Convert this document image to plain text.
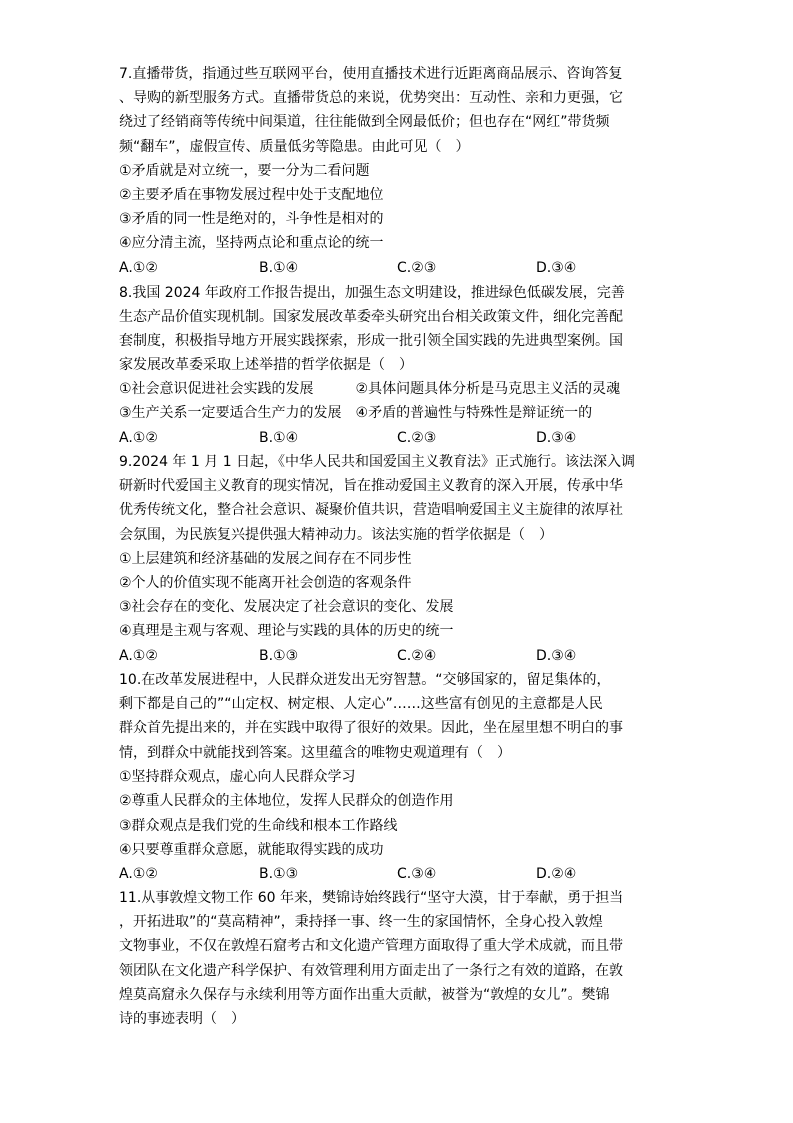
7.直播带货，指通过些互联网平台，使用直播技术进行近距离商品展示、咨询答复
、导购的新型服务方式。直播带货总的来说，优势突出：互动性、亲和力更强，它
绕过了经销商等传统中间渠道，往往能做到全网最低价；但也存在“网红”带货频
频“翻车”，虚假宣传、质量低劣等隐患。由此可见（　）
①矛盾就是对立统一，要一分为二看问题
②主要矛盾在事物发展过程中处于支配地位
③矛盾的同一性是绝对的，斗争性是相对的
④应分清主流，坚持两点论和重点论的统一
A.①②	B.①④	C.②③	D.③④
8.我国 2024 年政府工作报告提出，加强生态文明建设，推进绿色低碳发展，完善
生态产品价值实现机制。国家发展改革委牵头研究出台相关政策文件，细化完善配
套制度，积极指导地方开展实践探索，形成一批引领全国实践的先进典型案例。国
家发展改革委采取上述举措的哲学依据是（　）
①社会意识促进社会实践的发展　　　②具体问题具体分析是马克思主义活的灵魂
③生产关系一定要适合生产力的发展　④矛盾的普遍性与特殊性是辩证统一的
A.①②	B.①④	C.②③	D.③④
9.2024 年 1 月 1 日起，《中华人民共和国爱国主义教育法》正式施行。该法深入调
研新时代爱国主义教育的现实情况，旨在推动爱国主义教育的深入开展，传承中华
优秀传统文化，整合社会意识、凝聚价值共识，营造唱响爱国主义主旋律的浓厚社
会氛围，为民族复兴提供强大精神动力。该法实施的哲学依据是（　）
①上层建筑和经济基础的发展之间存在不同步性
②个人的价值实现不能离开社会创造的客观条件
③社会存在的变化、发展决定了社会意识的变化、发展
④真理是主观与客观、理论与实践的具体的历史的统一
A.①②	B.①③	C.②④	D.③④
10.在改革发展进程中，人民群众迸发出无穷智慧。“交够国家的，留足集体的，
剩下都是自己的”“山定权、树定根、人定心”……这些富有创见的主意都是人民
群众首先提出来的，并在实践中取得了很好的效果。因此，坐在屋里想不明白的事
情，到群众中就能找到答案。这里蕴含的唯物史观道理有（　）
①坚持群众观点，虚心向人民群众学习
②尊重人民群众的主体地位，发挥人民群众的创造作用
③群众观点是我们党的生命线和根本工作路线
④只要尊重群众意愿，就能取得实践的成功
A.①②	B.①③	C.③④	D.②④
11.从事敦煌文物工作 60 年来，樊锦诗始终践行“坚守大漠，甘于奉献，勇于担当
，开拓进取”的“莫高精神”，秉持择一事、终一生的家国情怀，全身心投入敦煌
文物事业，不仅在敦煌石窟考古和文化遗产管理方面取得了重大学术成就，而且带
领团队在文化遗产科学保护、有效管理利用方面走出了一条行之有效的道路，在敦
煌莫高窟永久保存与永续利用等方面作出重大贡献，被誉为“敦煌的女儿”。樊锦
诗的事迹表明（　）
